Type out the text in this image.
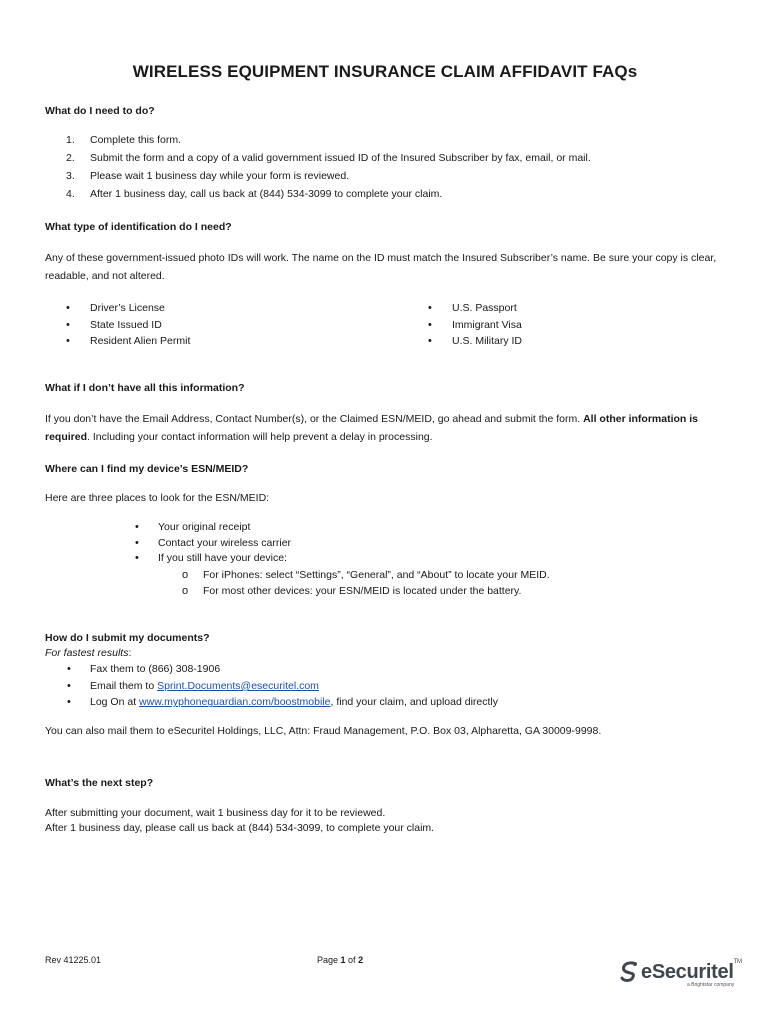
WIRELESS EQUIPMENT INSURANCE CLAIM AFFIDAVIT FAQs

What do I need to do?

1. Complete this form.
2. Submit the form and a copy of a valid government issued ID of the Insured Subscriber by fax, email, or mail.
3. Please wait 1 business day while your form is reviewed.
4. After 1 business day, call us back at (844) 534-3099 to complete your claim.

What type of identification do I need?

Any of these government-issued photo IDs will work. The name on the ID must match the Insured Subscriber’s name. Be sure your copy is clear, readable, and not altered.

• Driver’s License
• State Issued ID
• Resident Alien Permit
• U.S. Passport
• Immigrant Visa
• U.S. Military ID

What if I don’t have all this information?

If you don’t have the Email Address, Contact Number(s), or the Claimed ESN/MEID, go ahead and submit the form. All other information is required. Including your contact information will help prevent a delay in processing.

Where can I find my device’s ESN/MEID?

Here are three places to look for the ESN/MEID:

• Your original receipt
• Contact your wireless carrier
• If you still have your device:
o For iPhones: select “Settings”, “General”, and “About” to locate your MEID.
o For most other devices: your ESN/MEID is located under the battery.

How do I submit my documents?

For fastest results:

• Fax them to (866) 308-1906
• Email them to Sprint.Documents@esecuritel.com
• Log On at www.myphoneguardian.com/boostmobile, find your claim, and upload directly

You can also mail them to eSecuritel Holdings, LLC, Attn: Fraud Management, P.O. Box 03, Alpharetta, GA 30009-9998.

What’s the next step?

After submitting your document, wait 1 business day for it to be reviewed.

After 1 business day, please call us back at (844) 534-3099, to complete your claim.

Rev 41225.01	Page 1 of 2
eSecuritel™
a Brightstar company
